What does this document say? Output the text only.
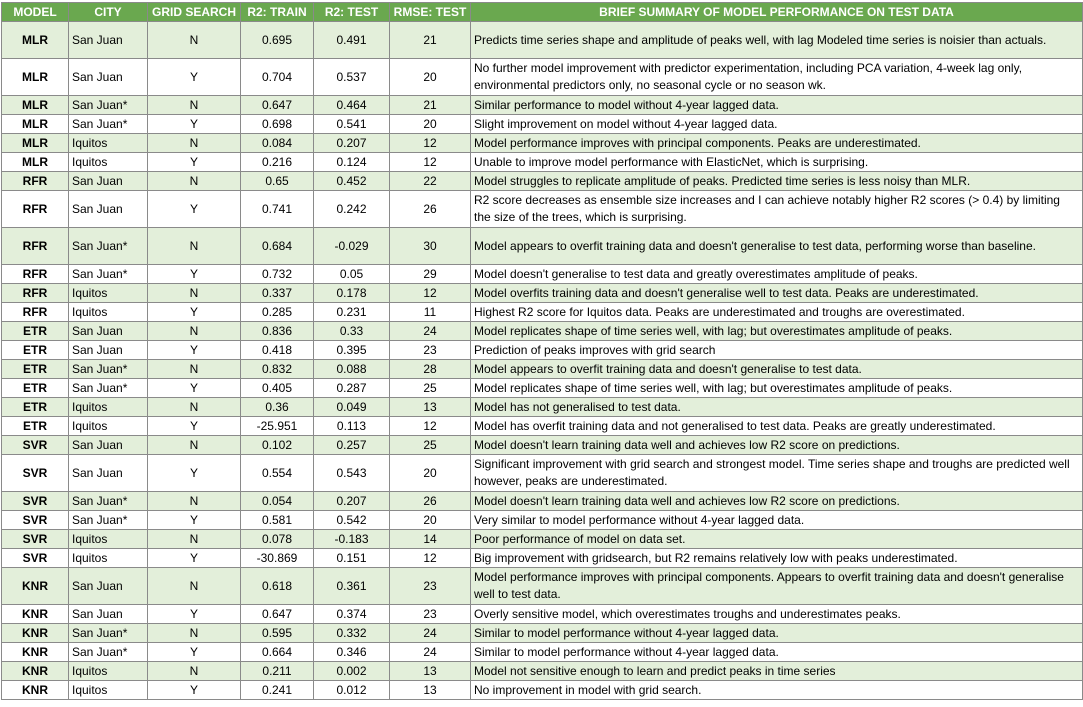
MODEL	CITY	GRID SEARCH	R2: TRAIN	R2: TEST	RMSE: TEST	BRIEF SUMMARY OF MODEL PERFORMANCE ON TEST DATA
MLR	San Juan	N	0.695	0.491	21	Predicts time series shape and amplitude of peaks well, with lag Modeled time series is noisier than actuals.
MLR	San Juan	Y	0.704	0.537	20	No further model improvement with predictor experimentation, including PCA variation, 4-week lag only, environmental predictors only, no seasonal cycle or no season wk.
MLR	San Juan*	N	0.647	0.464	21	Similar performance to model without 4-year lagged data.
MLR	San Juan*	Y	0.698	0.541	20	Slight improvement on model without 4-year lagged data.
MLR	Iquitos	N	0.084	0.207	12	Model performance improves with principal components. Peaks are underestimated.
MLR	Iquitos	Y	0.216	0.124	12	Unable to improve model performance with ElasticNet, which is surprising.
RFR	San Juan	N	0.65	0.452	22	Model struggles to replicate amplitude of peaks. Predicted time series is less noisy than MLR.
RFR	San Juan	Y	0.741	0.242	26	R2 score decreases as ensemble size increases and I can achieve notably higher R2 scores (> 0.4) by limiting the size of the trees, which is surprising.
RFR	San Juan*	N	0.684	-0.029	30	Model appears to overfit training data and doesn't generalise to test data, performing worse than baseline.
RFR	San Juan*	Y	0.732	0.05	29	Model doesn't generalise to test data and greatly overestimates amplitude of peaks.
RFR	Iquitos	N	0.337	0.178	12	Model overfits training data and doesn't generalise well to test data. Peaks are underestimated.
RFR	Iquitos	Y	0.285	0.231	11	Highest R2 score for Iquitos data. Peaks are underestimated and troughs are overestimated.
ETR	San Juan	N	0.836	0.33	24	Model replicates shape of time series well, with lag; but overestimates amplitude of peaks.
ETR	San Juan	Y	0.418	0.395	23	Prediction of peaks improves with grid search
ETR	San Juan*	N	0.832	0.088	28	Model appears to overfit training data and doesn't generalise to test data.
ETR	San Juan*	Y	0.405	0.287	25	Model replicates shape of time series well, with lag; but overestimates amplitude of peaks.
ETR	Iquitos	N	0.36	0.049	13	Model has not generalised to test data.
ETR	Iquitos	Y	-25.951	0.113	12	Model has overfit training data and not generalised to test data. Peaks are greatly underestimated.
SVR	San Juan	N	0.102	0.257	25	Model doesn't learn training data well and achieves low R2 score on predictions.
SVR	San Juan	Y	0.554	0.543	20	Significant improvement with grid search and strongest model. Time series shape and troughs are predicted well however, peaks are underestimated.
SVR	San Juan*	N	0.054	0.207	26	Model doesn't learn training data well and achieves low R2 score on predictions.
SVR	San Juan*	Y	0.581	0.542	20	Very similar to model performance without 4-year lagged data.
SVR	Iquitos	N	0.078	-0.183	14	Poor performance of model on data set.
SVR	Iquitos	Y	-30.869	0.151	12	Big improvement with gridsearch, but R2 remains relatively low with peaks underestimated.
KNR	San Juan	N	0.618	0.361	23	Model performance improves with principal components. Appears to overfit training data and doesn't generalise well to test data.
KNR	San Juan	Y	0.647	0.374	23	Overly sensitive model, which overestimates troughs and underestimates peaks.
KNR	San Juan*	N	0.595	0.332	24	Similar to model performance without 4-year lagged data.
KNR	San Juan*	Y	0.664	0.346	24	Similar to model performance without 4-year lagged data.
KNR	Iquitos	N	0.211	0.002	13	Model not sensitive enough to learn and predict peaks in time series
KNR	Iquitos	Y	0.241	0.012	13	No improvement in model with grid search.
